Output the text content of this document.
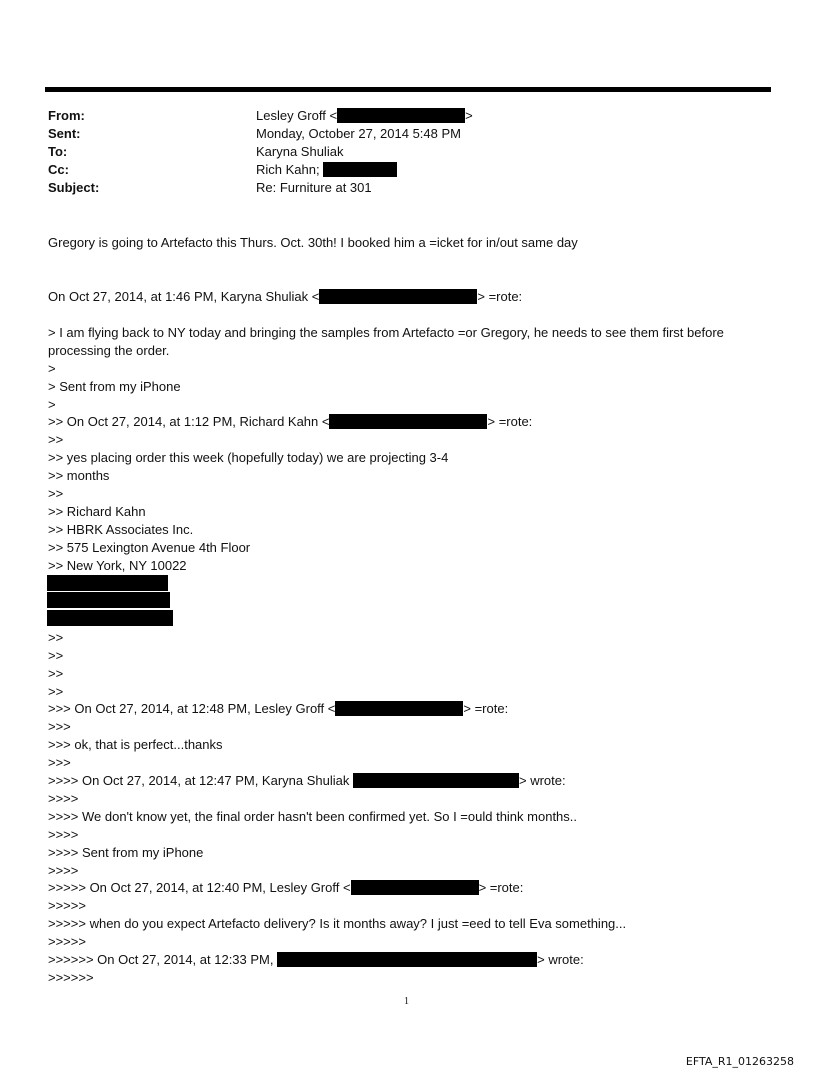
From:	Lesley Groff <	>
Sent:	Monday, October 27, 2014 5:48 PM
To:	Karyna Shuliak
Cc:	Rich Kahn;
Subject:	Re: Furniture at 301
Gregory is going to Artefacto this Thurs. Oct. 30th! I booked him a =icket for in/out same day
On Oct 27, 2014, at 1:46 PM, Karyna Shuliak <	> =rote:
> I am flying back to NY today and bringing the samples from Artefacto =or Gregory, he needs to see them first before
processing the order.
>
> Sent from my iPhone
>
>> On Oct 27, 2014, at 1:12 PM, Richard Kahn <	> =rote:
>>
>> yes placing order this week (hopefully today) we are projecting 3-4
>> months
>>
>> Richard Kahn
>> HBRK Associates Inc.
>> 575 Lexington Avenue 4th Floor
>> New York, NY 10022
>>
>>
>>
>>
>>> On Oct 27, 2014, at 12:48 PM, Lesley Groff <	> =rote:
>>>
>>> ok, that is perfect...thanks
>>>
>>>> On Oct 27, 2014, at 12:47 PM, Karyna Shuliak	> wrote:
>>>>
>>>> We don't know yet, the final order hasn't been confirmed yet. So I =ould think months..
>>>>
>>>> Sent from my iPhone
>>>>
>>>>> On Oct 27, 2014, at 12:40 PM, Lesley Groff <	> =rote:
>>>>>
>>>>> when do you expect Artefacto delivery? Is it months away? I just =eed to tell Eva something...
>>>>>
>>>>>> On Oct 27, 2014, at 12:33 PM,	> wrote:
>>>>>>
1
EFTA_R1_01263258
